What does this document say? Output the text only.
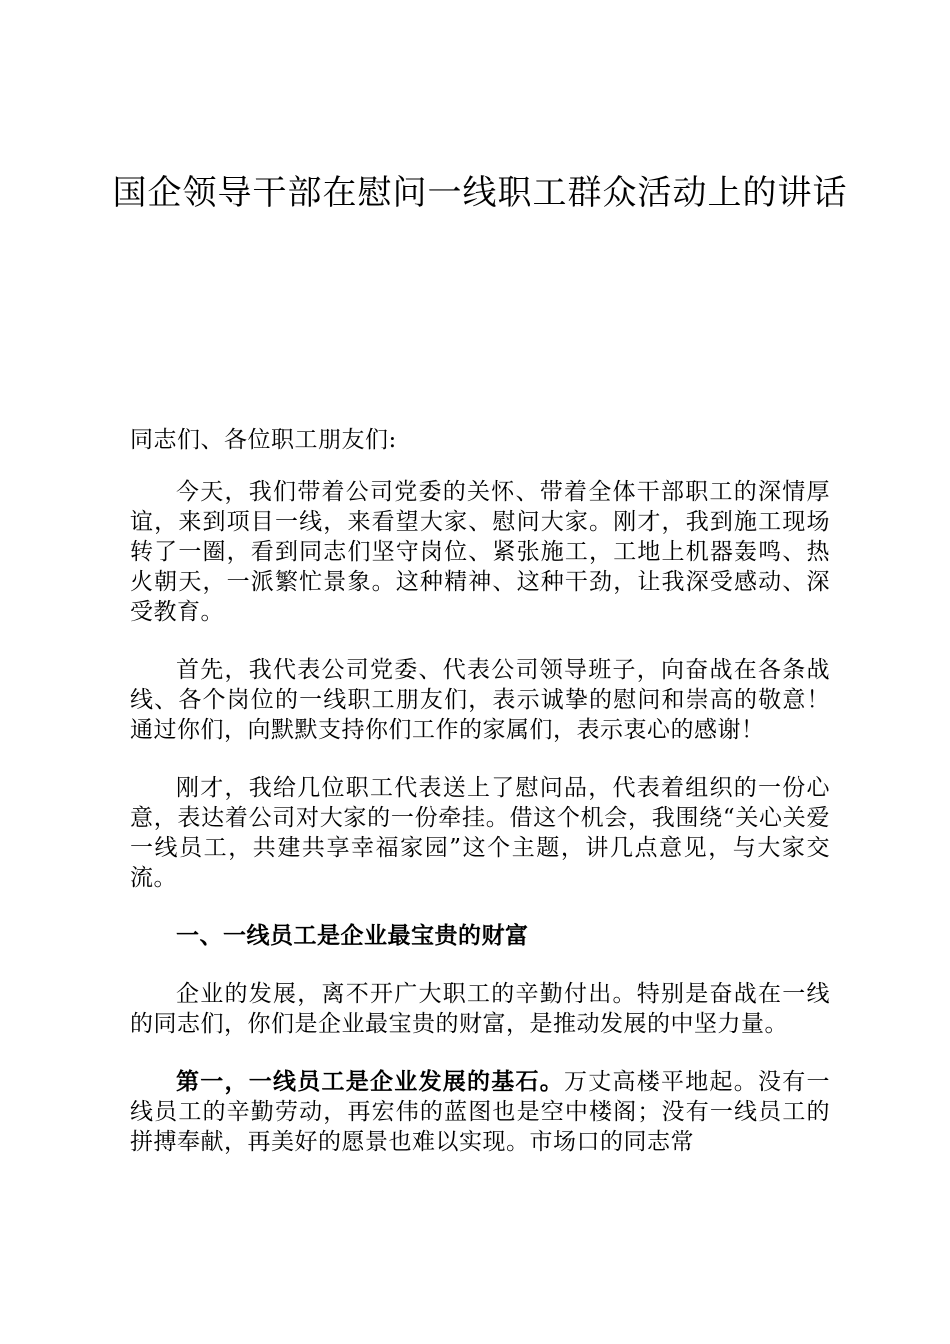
国企领导干部在慰问一线职工群众活动上的讲话

同志们、各位职工朋友们:

今天，我们带着公司党委的关怀、带着全体干部职工的深情厚谊，来到项目一线，来看望大家、慰问大家。刚才，我到施工现场转了一圈，看到同志们坚守岗位、紧张施工，工地上机器轰鸣、热火朝天，一派繁忙景象。这种精神、这种干劲，让我深受感动、深受教育。

首先，我代表公司党委、代表公司领导班子，向奋战在各条战线、各个岗位的一线职工朋友们，表示诚挚的慰问和崇高的敬意！通过你们，向默默支持你们工作的家属们，表示衷心的感谢！

刚才，我给几位职工代表送上了慰问品，代表着组织的一份心意，表达着公司对大家的一份牵挂。借这个机会，我围绕“关心关爱一线员工，共建共享幸福家园”这个主题，讲几点意见，与大家交流。

一、一线员工是企业最宝贵的财富

企业的发展，离不开广大职工的辛勤付出。特别是奋战在一线的同志们，你们是企业最宝贵的财富，是推动发展的中坚力量。

第一，一线员工是企业发展的基石。万丈高楼平地起。没有一线员工的辛勤劳动，再宏伟的蓝图也是空中楼阁；没有一线员工的拼搏奉献，再美好的愿景也难以实现。市场口的同志常
